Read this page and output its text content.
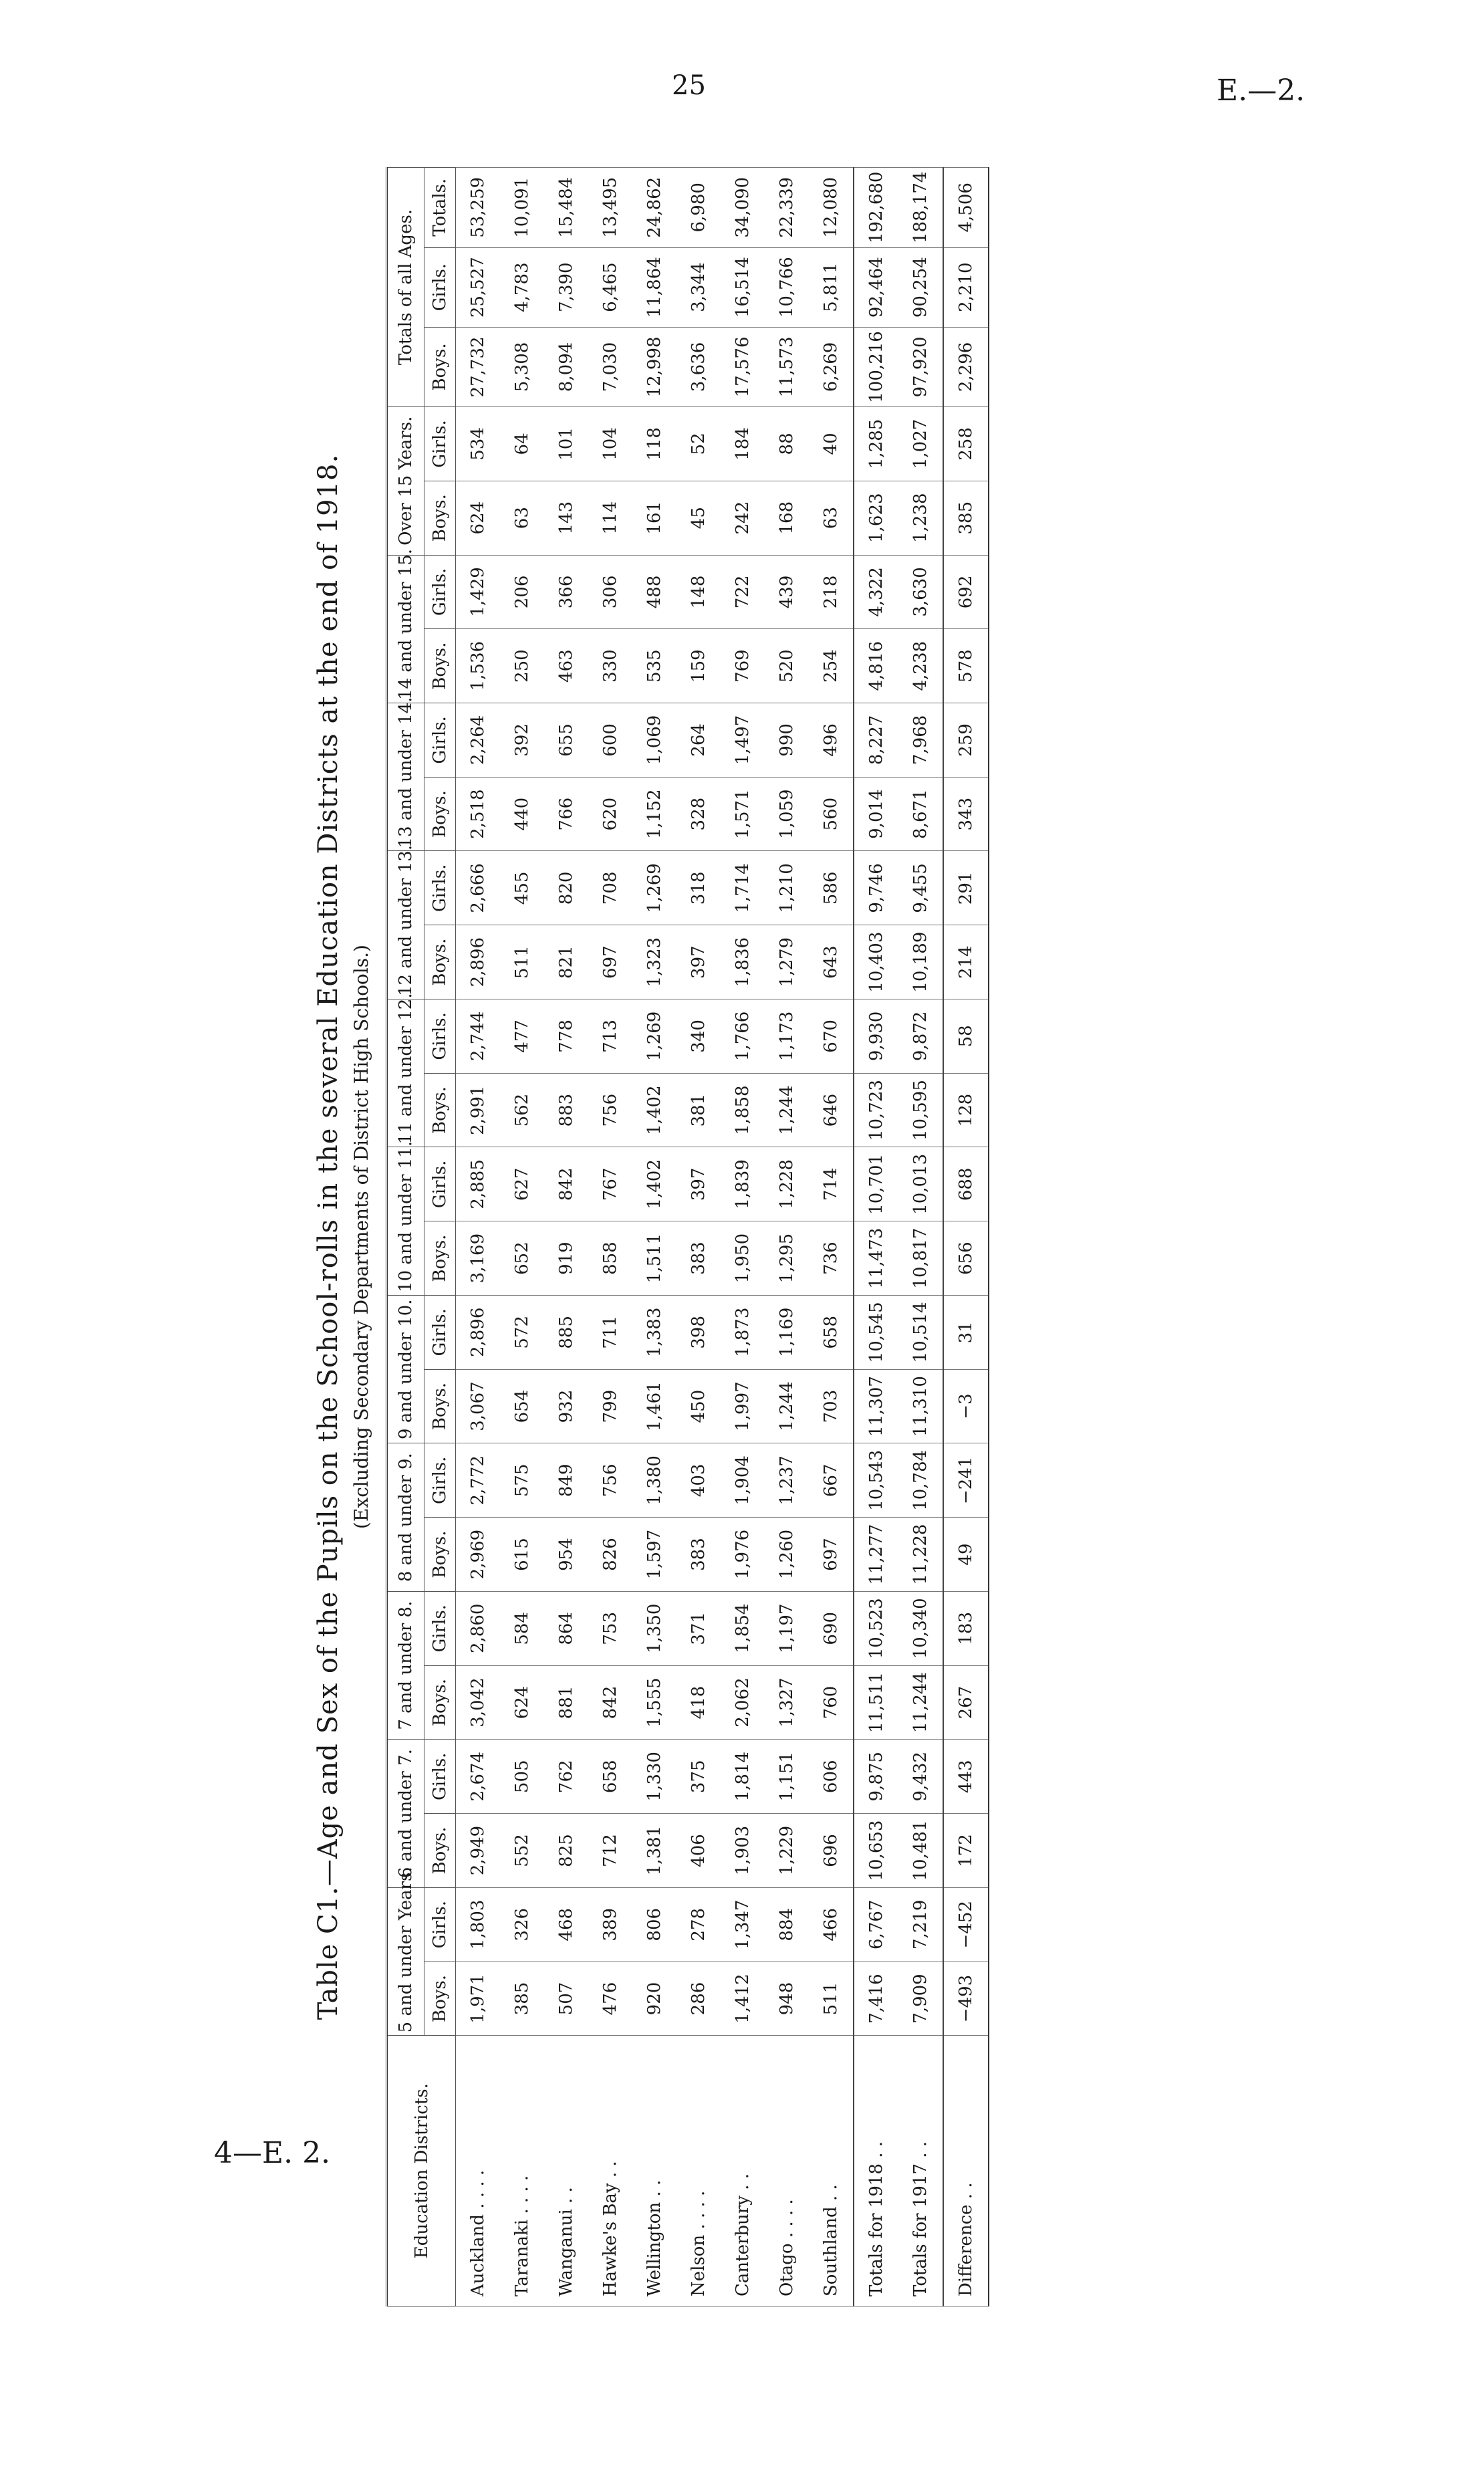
25	E.—2.
4—E. 2.
Table C1.—Age and Sex of the Pupils on the School-rolls in the several Education Districts at the end of 1918. (Excluding Secondary Departments of District High Schools.)
Education Districts.	5 and under Years.		6 and under 7.		7 and under 8.		8 and under 9.		9 and under 10.		10 and under 11.		11 and under 12.		12 and under 13.		13 and under 14.		14 and under 15.		Over 15 Years.		Totals of all Ages.		
	Boys.	Girls.	Boys.	Girls.	Boys.	Girls.	Boys.	Girls.	Boys.	Girls.	Boys.	Girls.	Boys.	Girls.	Boys.	Girls.	Boys.	Girls.	Boys.	Girls.	Boys.	Girls.	Boys.	Girls.	Totals.
Auckland . . . .	1,971	1,803	2,949	2,674	3,042	2,860	2,969	2,772	3,067	2,896	3,169	2,885	2,991	2,744	2,896	2,666	2,518	2,264	1,536	1,429	624	534	27,732	25,527	53,259
Taranaki . . . .	385	326	552	505	624	584	615	575	654	572	652	627	562	477	511	455	440	392	250	206	63	64	5,308	4,783	10,091
Wanganui . .	507	468	825	762	881	864	954	849	932	885	919	842	883	778	821	820	766	655	463	366	143	101	8,094	7,390	15,484
Hawke's Bay . .	476	389	712	658	842	753	826	756	799	711	858	767	756	713	697	708	620	600	330	306	114	104	7,030	6,465	13,495
Wellington . .	920	806	1,381	1,330	1,555	1,350	1,597	1,380	1,461	1,383	1,511	1,402	1,402	1,269	1,323	1,269	1,152	1,069	535	488	161	118	12,998	11,864	24,862
Nelson . . . .	286	278	406	375	418	371	383	403	450	398	383	397	381	340	397	318	328	264	159	148	45	52	3,636	3,344	6,980
Canterbury . .	1,412	1,347	1,903	1,814	2,062	1,854	1,976	1,904	1,997	1,873	1,950	1,839	1,858	1,766	1,836	1,714	1,571	1,497	769	722	242	184	17,576	16,514	34,090
Otago . . . .	948	884	1,229	1,151	1,327	1,197	1,260	1,237	1,244	1,169	1,295	1,228	1,244	1,173	1,279	1,210	1,059	990	520	439	168	88	11,573	10,766	22,339
Southland . .	511	466	696	606	760	690	697	667	703	658	736	714	646	670	643	586	560	496	254	218	63	40	6,269	5,811	12,080
Totals for 1918 . .	7,416	6,767	10,653	9,875	11,511	10,523	11,277	10,543	11,307	10,545	11,473	10,701	10,723	9,930	10,403	9,746	9,014	8,227	4,816	4,322	1,623	1,285	100,216	92,464	192,680
Totals for 1917 . .	7,909	7,219	10,481	9,432	11,244	10,340	11,228	10,784	11,310	10,514	10,817	10,013	10,595	9,872	10,189	9,455	8,671	7,968	4,238	3,630	1,238	1,027	97,920	90,254	188,174
Difference . .	−493	−452	172	443	267	183	49	−241	−3	31	656	688	128	58	214	291	343	259	578	692	385	258	2,296	2,210	4,506
